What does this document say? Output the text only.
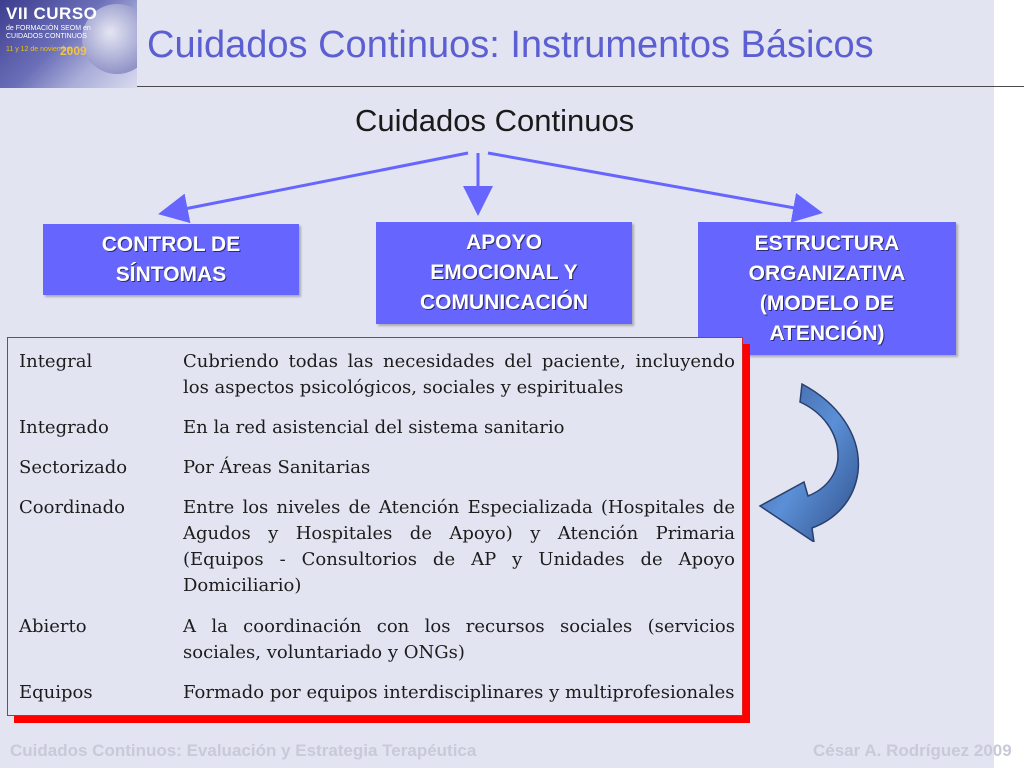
VII CURSO
de FORMACIÓN SEOM en CUIDADOS CONTINUOS
11 y 12 de noviembre
2009 Cuidados Continuos: Instrumentos Básicos
Cuidados Continuos
CONTROL DE
SÍNTOMAS
APOYO
EMOCIONAL Y
COMUNICACIÓN
ESTRUCTURA
ORGANIZATIVA
(MODELO DE
ATENCIÓN)
Integral	Cubriendo todas las necesidades del paciente, incluyendo los aspectos psicológicos, sociales y espirituales
Integrado	En la red asistencial del sistema sanitario
Sectorizado	Por Áreas Sanitarias
Coordinado	Entre los niveles de Atención Especializada (Hospitales de Agudos y Hospitales de Apoyo) y Atención Primaria (Equipos - Consultorios de AP y Unidades de Apoyo Domiciliario)
Abierto	A la coordinación con los recursos sociales (servicios sociales, voluntariado y ONGs)
Equipos	Formado por equipos interdisciplinares y multiprofesionales
Cuidados Continuos: Evaluación y Estrategia Terapéutica	César A. Rodríguez 2009
